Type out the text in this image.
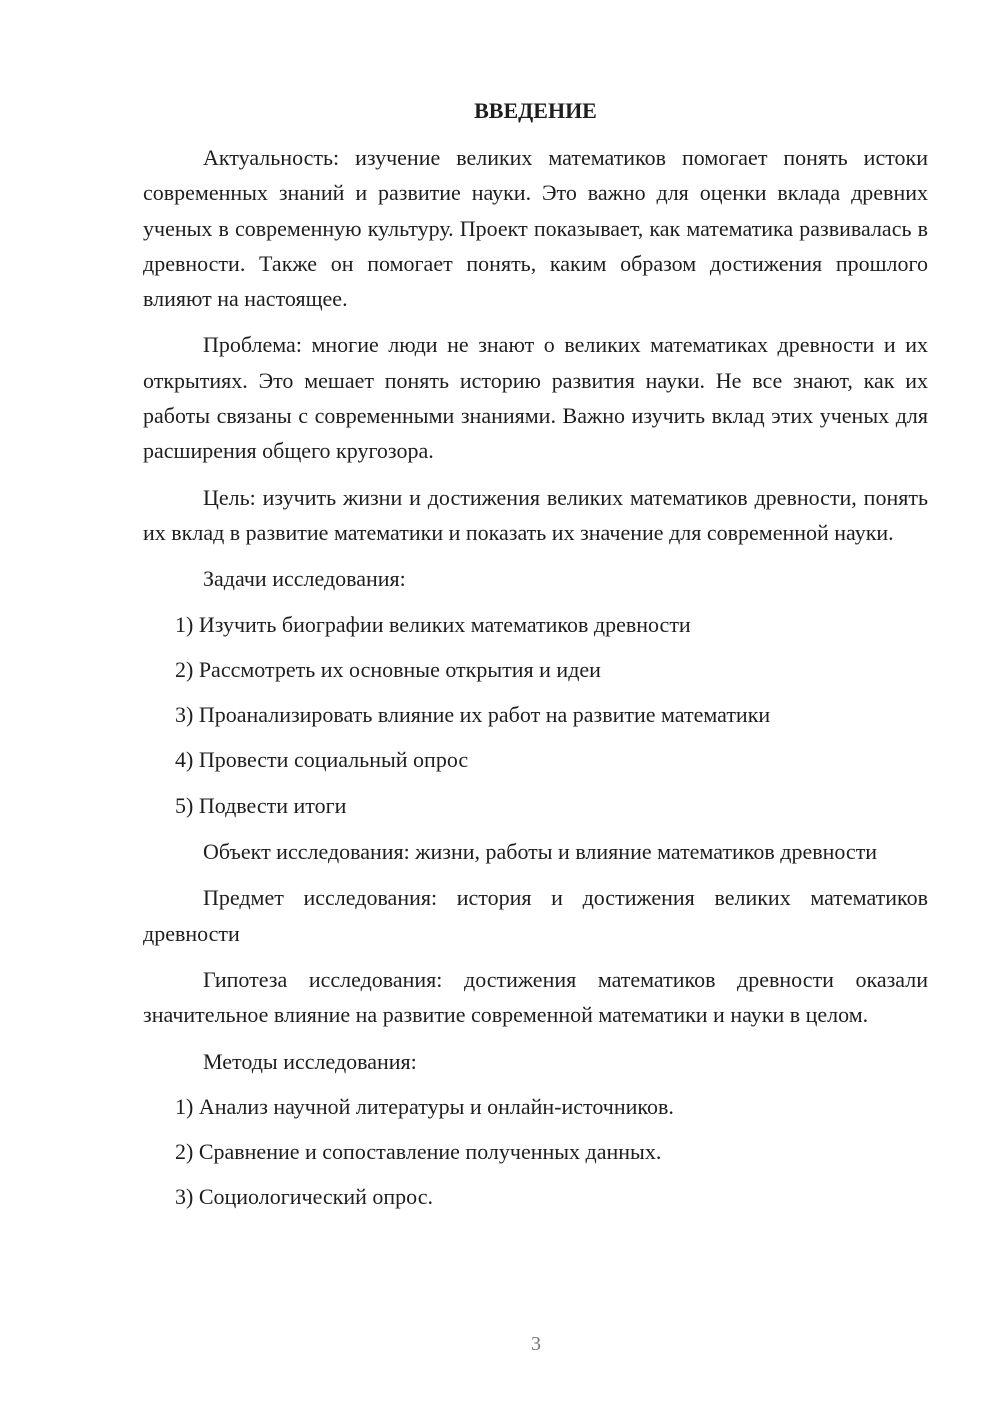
ВВЕДЕНИЕ

Актуальность: изучение великих математиков помогает понять истоки современных знаний и развитие науки. Это важно для оценки вклада древних ученых в современную культуру. Проект показывает, как математика развивалась в древности. Также он помогает понять, каким образом достижения прошлого влияют на настоящее.

Проблема: многие люди не знают о великих математиках древности и их открытиях. Это мешает понять историю развития науки. Не все знают, как их работы связаны с современными знаниями. Важно изучить вклад этих ученых для расширения общего кругозора.

Цель: изучить жизни и достижения великих математиков древности, понять их вклад в развитие математики и показать их значение для современной науки.

Задачи исследования:

1) Изучить биографии великих математиков древности

2) Рассмотреть их основные открытия и идеи

3) Проанализировать влияние их работ на развитие математики

4) Провести социальный опрос

5) Подвести итоги

Объект исследования: жизни, работы и влияние математиков древности

Предмет исследования: история и достижения великих математиков древности

Гипотеза исследования: достижения математиков древности оказали значительное влияние на развитие современной математики и науки в целом.

Методы исследования:

1) Анализ научной литературы и онлайн-источников.

2) Сравнение и сопоставление полученных данных.

3) Социологический опрос.

3
